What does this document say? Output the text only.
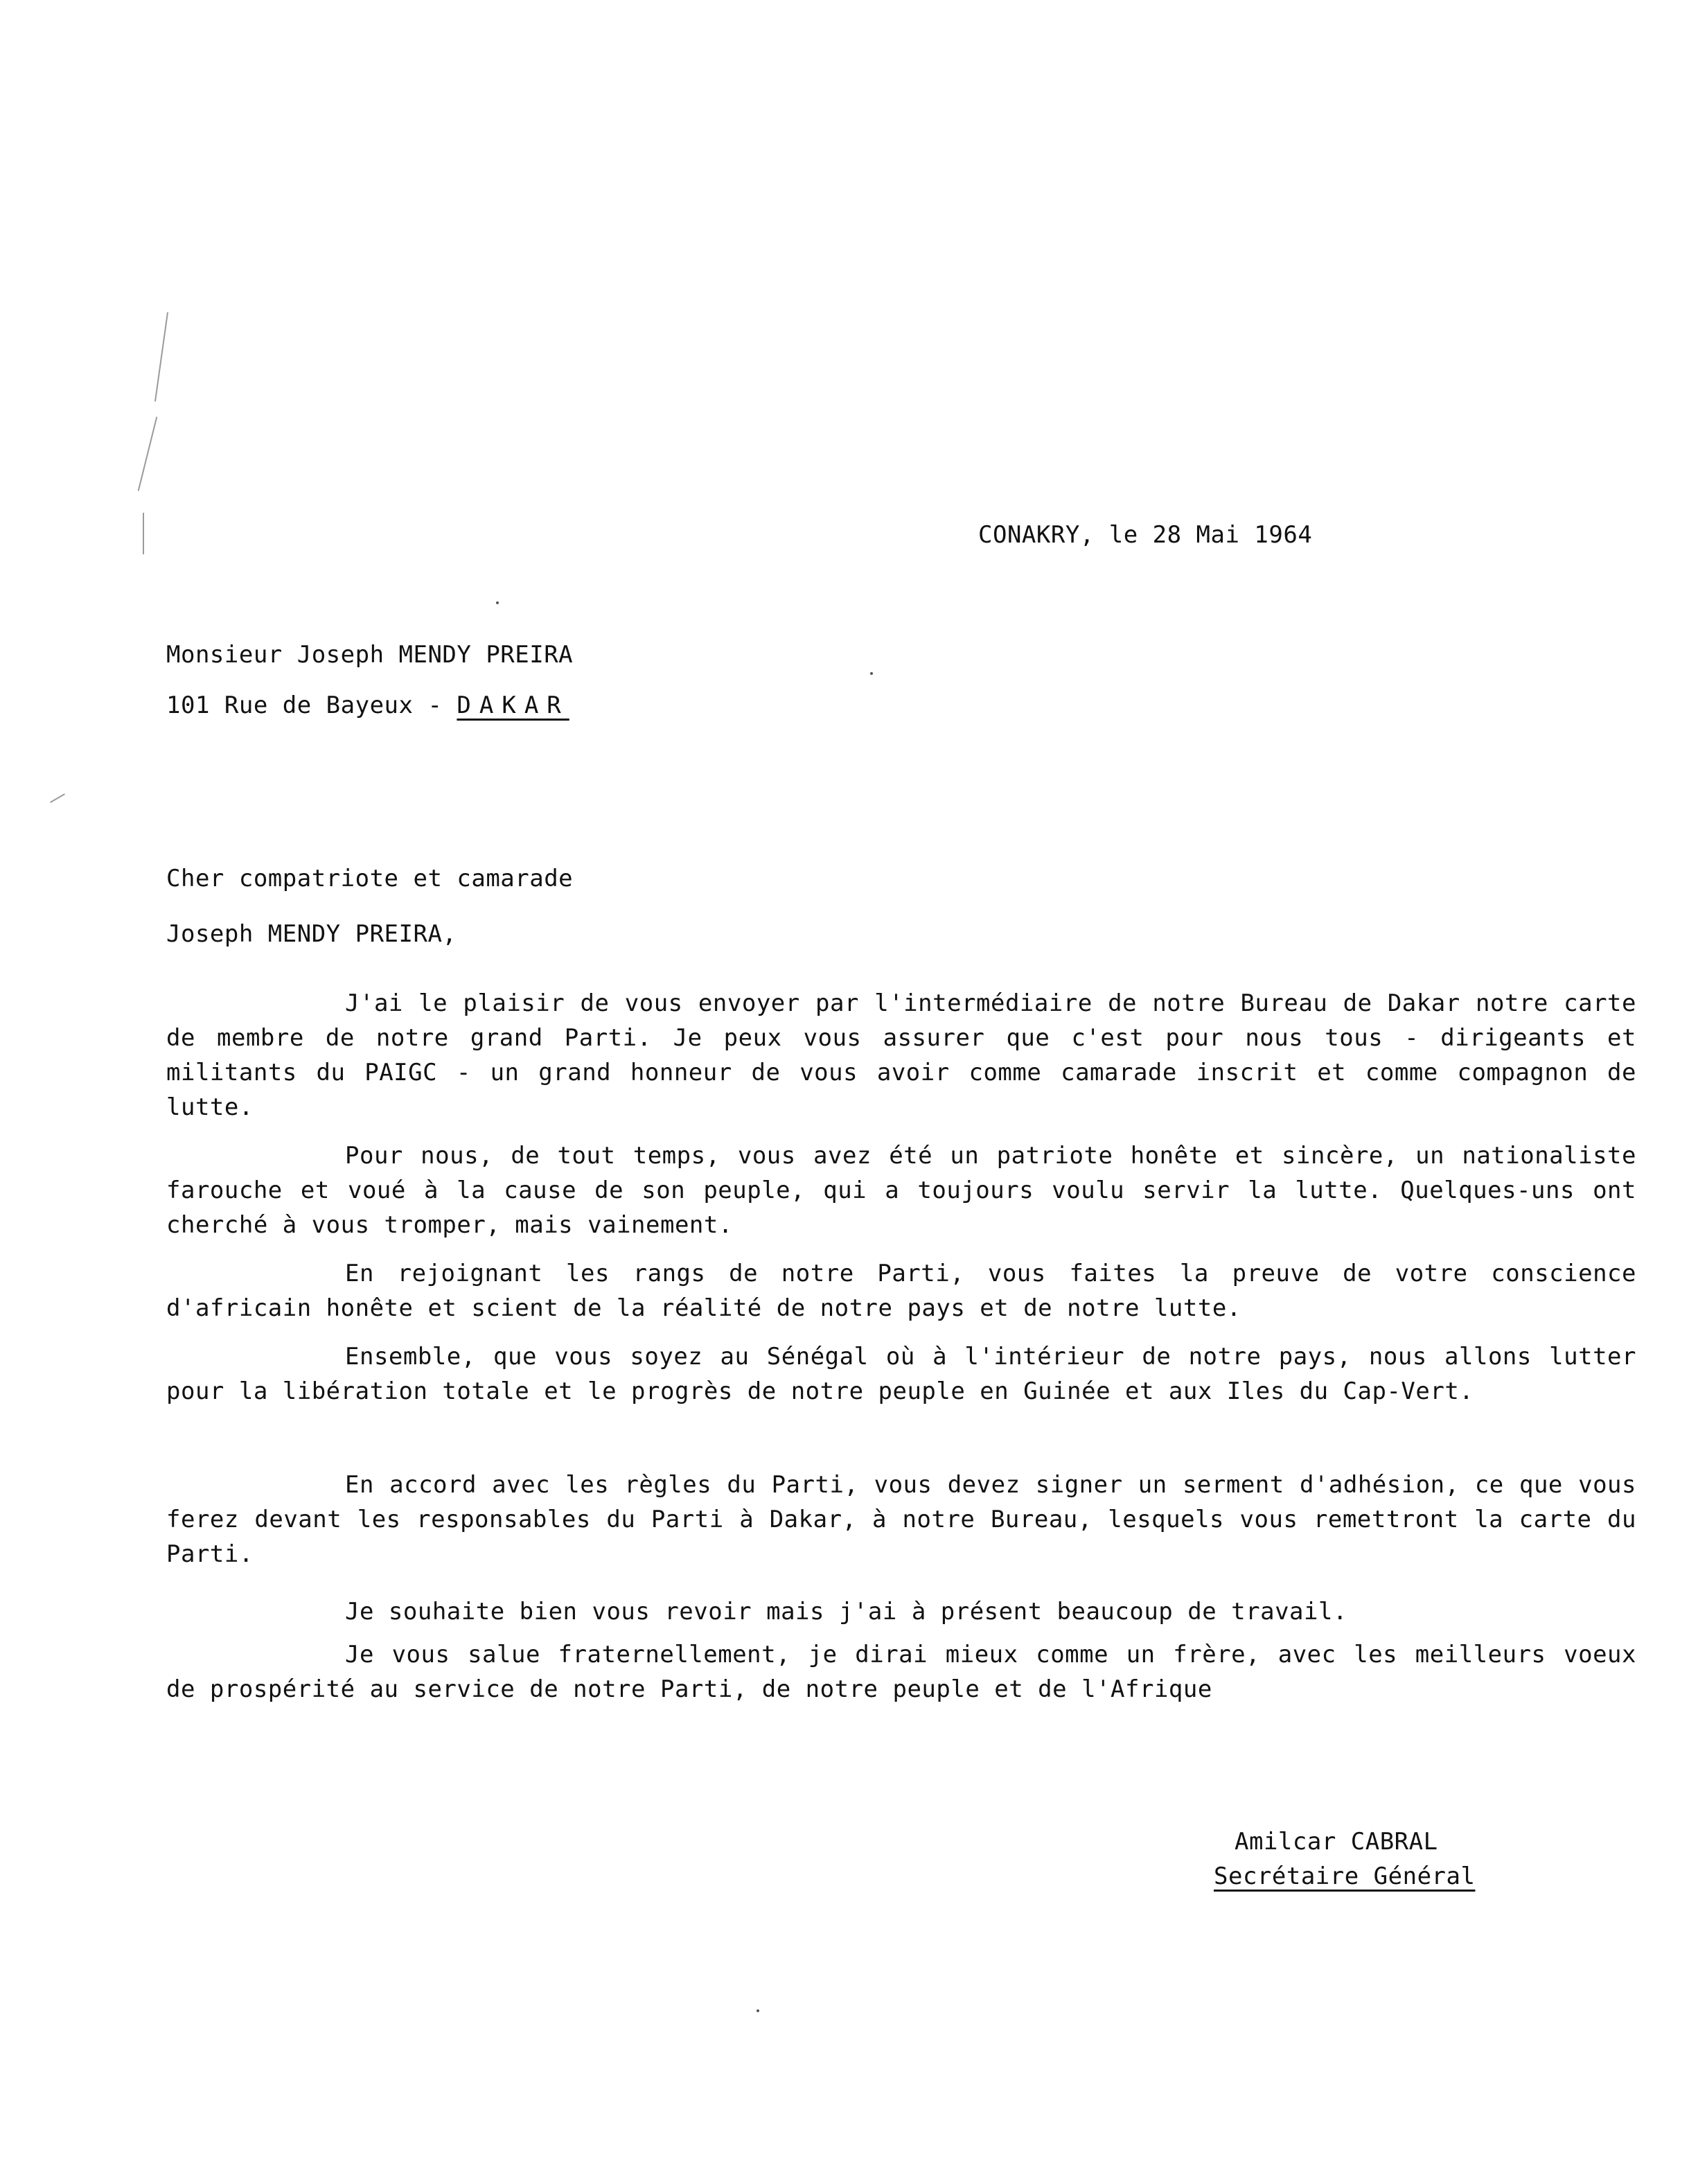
CONAKRY, le 28 Mai 1964
Monsieur Joseph MENDY PREIRA
101 Rue de Bayeux - DAKAR
Cher compatriote et camarade
Joseph MENDY PREIRA,
J'ai le plaisir de vous envoyer par l'intermédiaire de notre Bureau de Dakar notre carte de membre de notre grand Parti. Je peux vous assurer que c'est pour nous tous - dirigeants et militants du PAIGC - un grand honneur de vous avoir comme camarade inscrit et comme compagnon de lutte.
Pour nous, de tout temps, vous avez été un patriote honête et sincère, un nationaliste farouche et voué à la cause de son peuple, qui a toujours voulu servir la lutte. Quelques-uns ont cherché à vous tromper, mais vainement.
En rejoignant les rangs de notre Parti, vous faites la preuve de votre conscience d'africain honête et scient de la réalité de notre pays et de notre lutte.
Ensemble, que vous soyez au Sénégal où à l'intérieur de notre pays, nous allons lutter pour la libération totale et le progrès de notre peuple en Guinée et aux Iles du Cap-Vert.
En accord avec les règles du Parti, vous devez signer un serment d'adhésion, ce que vous ferez devant les responsables du Parti à Dakar, à notre Bureau, lesquels vous remettront la carte du Parti.
Je souhaite bien vous revoir mais j'ai à présent beaucoup de travail.
Je vous salue fraternellement, je dirai mieux comme un frère, avec les meilleurs voeux de prospérité au service de notre Parti, de notre peuple et de l'Afrique
Amilcar CABRAL
Secrétaire Général
